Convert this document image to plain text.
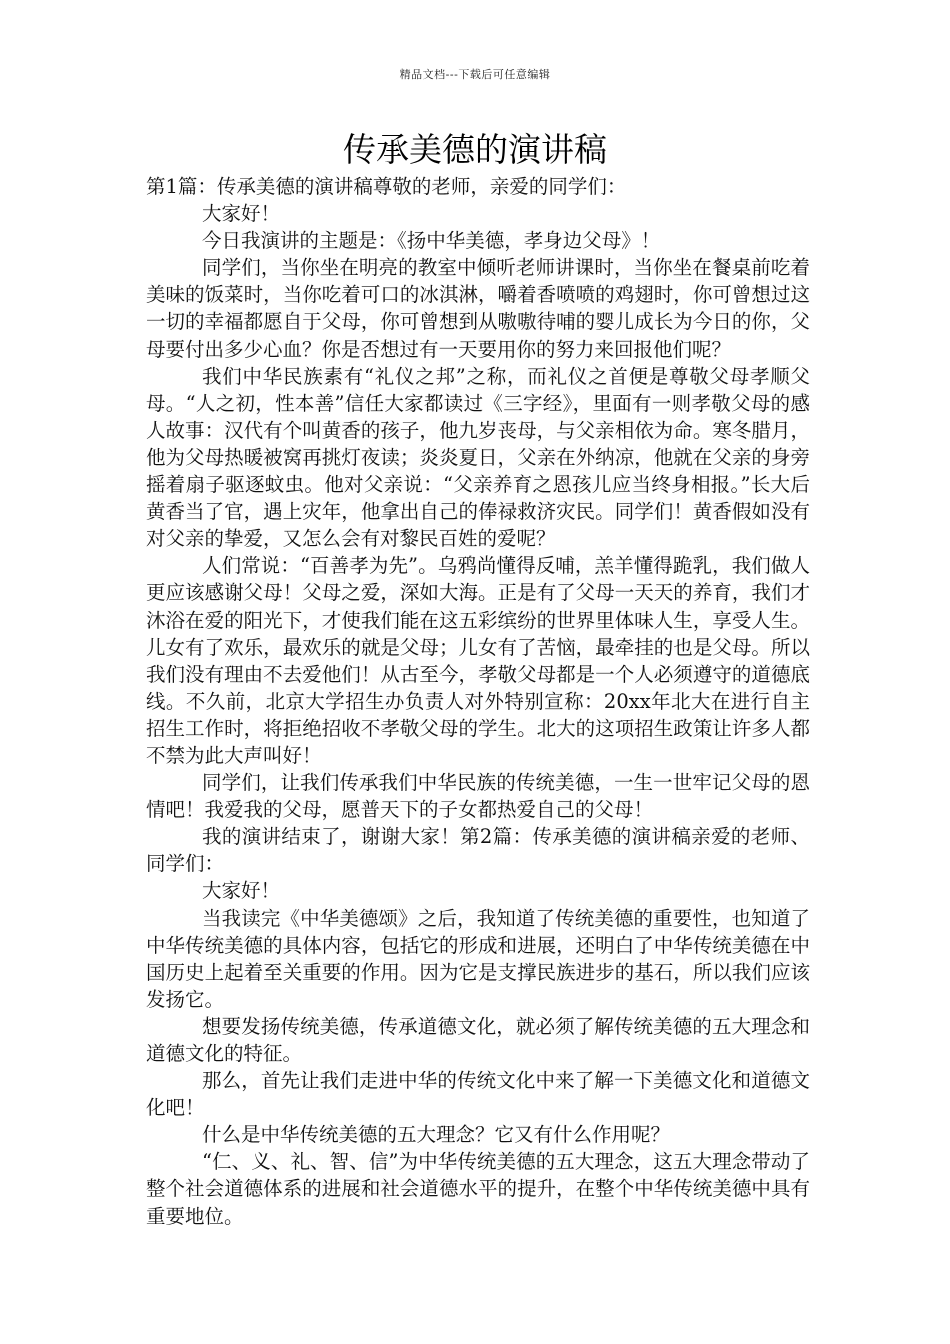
精品文档---下载后可任意编辑
传承美德的演讲稿

第1篇：传承美德的演讲稿尊敬的老师，亲爱的同学们：

大家好！

今日我演讲的主题是：《扬中华美德，孝身边父母》！

同学们，当你坐在明亮的教室中倾听老师讲课时，当你坐在餐桌前吃着美味的饭菜时，当你吃着可口的冰淇淋，嚼着香喷喷的鸡翅时，你可曾想过这一切的幸福都愿自于父母，你可曾想到从嗷嗷待哺的婴儿成长为今日的你，父母要付出多少心血？你是否想过有一天要用你的努力来回报他们呢？

我们中华民族素有“礼仪之邦”之称，而礼仪之首便是尊敬父母孝顺父母。“人之初，性本善”信任大家都读过《三字经》，里面有一则孝敬父母的感人故事：汉代有个叫黄香的孩子，他九岁丧母，与父亲相依为命。寒冬腊月，他为父母热暖被窝再挑灯夜读；炎炎夏日，父亲在外纳凉，他就在父亲的身旁摇着扇子驱逐蚊虫。他对父亲说：“父亲养育之恩孩儿应当终身相报。”长大后黄香当了官，遇上灾年，他拿出自己的俸禄救济灾民。同学们！黄香假如没有对父亲的挚爱，又怎么会有对黎民百姓的爱呢？

人们常说：“百善孝为先”。乌鸦尚懂得反哺，羔羊懂得跪乳，我们做人更应该感谢父母！父母之爱，深如大海。正是有了父母一天天的养育，我们才沐浴在爱的阳光下，才使我们能在这五彩缤纷的世界里体味人生，享受人生。儿女有了欢乐，最欢乐的就是父母；儿女有了苦恼，最牵挂的也是父母。所以我们没有理由不去爱他们！从古至今，孝敬父母都是一个人必须遵守的道德底线。不久前，北京大学招生办负责人对外特别宣称：20xx年北大在进行自主招生工作时，将拒绝招收不孝敬父母的学生。北大的这项招生政策让许多人都不禁为此大声叫好！

同学们，让我们传承我们中华民族的传统美德，一生一世牢记父母的恩情吧！我爱我的父母，愿普天下的子女都热爱自己的父母！

我的演讲结束了，谢谢大家！第2篇：传承美德的演讲稿亲爱的老师、同学们：

大家好！

当我读完《中华美德颂》之后，我知道了传统美德的重要性，也知道了中华传统美德的具体内容，包括它的形成和进展，还明白了中华传统美德在中国历史上起着至关重要的作用。因为它是支撑民族进步的基石，所以我们应该发扬它。

想要发扬传统美德，传承道德文化，就必须了解传统美德的五大理念和道德文化的特征。

那么，首先让我们走进中华的传统文化中来了解一下美德文化和道德文化吧！

什么是中华传统美德的五大理念？它又有什么作用呢？

“仁、义、礼、智、信”为中华传统美德的五大理念，这五大理念带动了整个社会道德体系的进展和社会道德水平的提升，在整个中华传统美德中具有重要地位。
